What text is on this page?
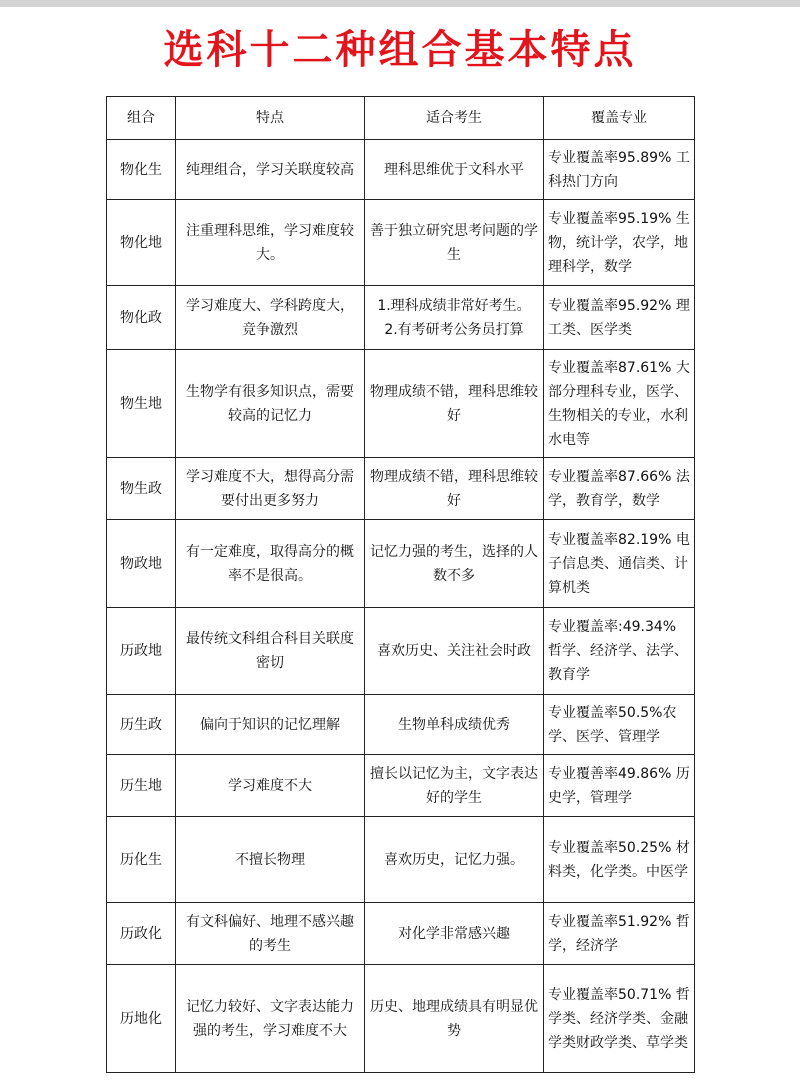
选科十二种组合基本特点
组合	特点	适合考生	覆盖专业
物化生	纯理组合，学习关联度较高	理科思维优于文科水平	专业覆盖率95.89% 工科热门方向
物化地	注重理科思维，学习难度较大。	善于独立研究思考问题的学生	专业覆盖率95.19% 生物，统计学，农学，地理科学，数学
物化政	学习难度大、学科跨度大，竞争激烈	1.理科成绩非常好考生。 2.有考研考公务员打算	专业覆盖率95.92% 理工类、医学类
物生地	生物学有很多知识点，需要较高的记忆力	物理成绩不错，理科思维较好	专业覆盖率87.61% 大部分理科专业，医学、生物相关的专业，水利水电等
物生政	学习难度不大，想得高分需要付出更多努力	物理成绩不错，理科思维较好	专业覆盖率87.66% 法学，教育学，数学
物政地	有一定难度，取得高分的概率不是很高。	记忆力强的考生，选择的人数不多	专业覆盖率82.19% 电子信息类、通信类、计算机类
历政地	最传统文科组合科目关联度密切	喜欢历史、关注社会时政	专业覆盖率:49.34% 哲学、经济学、法学、教育学
历生政	偏向于知识的记忆理解	生物单科成绩优秀	专业覆盖率50.5%农学、医学、管理学
历生地	学习难度不大	擅长以记忆为主，文字表达好的学生	专业覆善率49.86% 历史学，管理学
历化生	不擅长物理	喜欢历史，记忆力强。	专业覆盖率50.25% 材料类，化学类。中医学
历政化	有文科偏好、地理不感兴趣的考生	对化学非常感兴趣	专业覆盖率51.92% 哲学，经济学
历地化	记忆力较好、文字表达能力强的考生，学习难度不大	历史、地理成绩具有明显优势	专业覆盖率50.71% 哲学类、经济学类、金融学类财政学类、草学类
